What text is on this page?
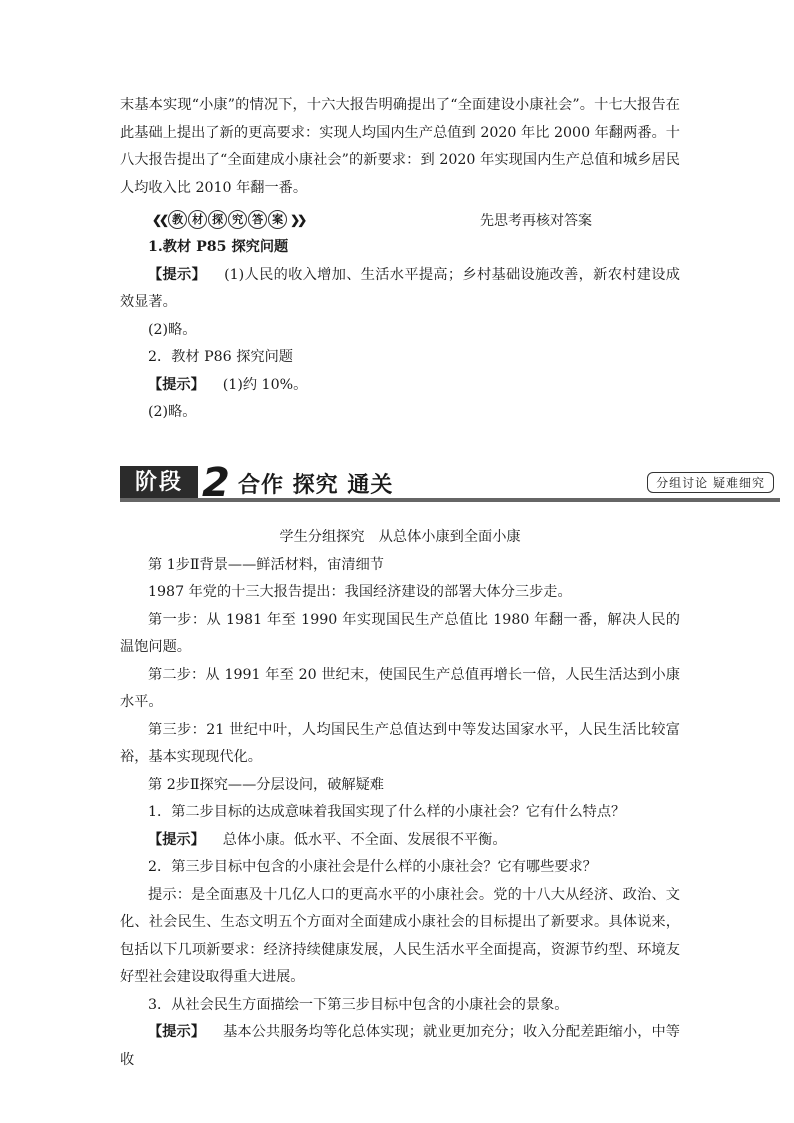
末基本实现“小康”的情况下，十六大报告明确提出了“全面建设小康社会”。十七大报告在此基础上提出了新的更高要求：实现人均国内生产总值到 2020 年比 2000 年翻两番。十八大报告提出了“全面建成小康社会”的新要求：到 2020 年实现国内生产总值和城乡居民人均收入比 2010 年翻一番。

❮❮ 教 材 探 究 答 案 ❯❯	先思考再核对答案

1.教材 P85 探究问题

【提示】 (1)人民的收入增加、生活水平提高；乡村基础设施改善，新农村建设成效显著。

(2)略。

2．教材 P86 探究问题

【提示】 (1)约 10%。

(2)略。

阶段 2 合作 探究 通关	分组讨论 疑难细究

学生分组探究　从总体小康到全面小康

第 1步Ⅱ背景——鲜活材料，宙清细节

1987 年党的十三大报告提出：我国经济建设的部署大体分三步走。

第一步：从 1981 年至 1990 年实现国民生产总值比 1980 年翻一番，解决人民的温饱问题。

第二步：从 1991 年至 20 世纪末，使国民生产总值再增长一倍，人民生活达到小康水平。

第三步：21 世纪中叶，人均国民生产总值达到中等发达国家水平，人民生活比较富裕，基本实现现代化。

第 2步Ⅱ探究——分层设问，破解疑难

1．第二步目标的达成意味着我国实现了什么样的小康社会？它有什么特点？

【提示】 总体小康。低水平、不全面、发展很不平衡。

2．第三步目标中包含的小康社会是什么样的小康社会？它有哪些要求？

提示：是全面惠及十几亿人口的更高水平的小康社会。党的十八大从经济、政治、文化、社会民生、生态文明五个方面对全面建成小康社会的目标提出了新要求。具体说来，包括以下几项新要求：经济持续健康发展，人民生活水平全面提高，资源节约型、环境友好型社会建设取得重大进展。

3．从社会民生方面描绘一下第三步目标中包含的小康社会的景象。

【提示】 基本公共服务均等化总体实现；就业更加充分；收入分配差距缩小，中等收
